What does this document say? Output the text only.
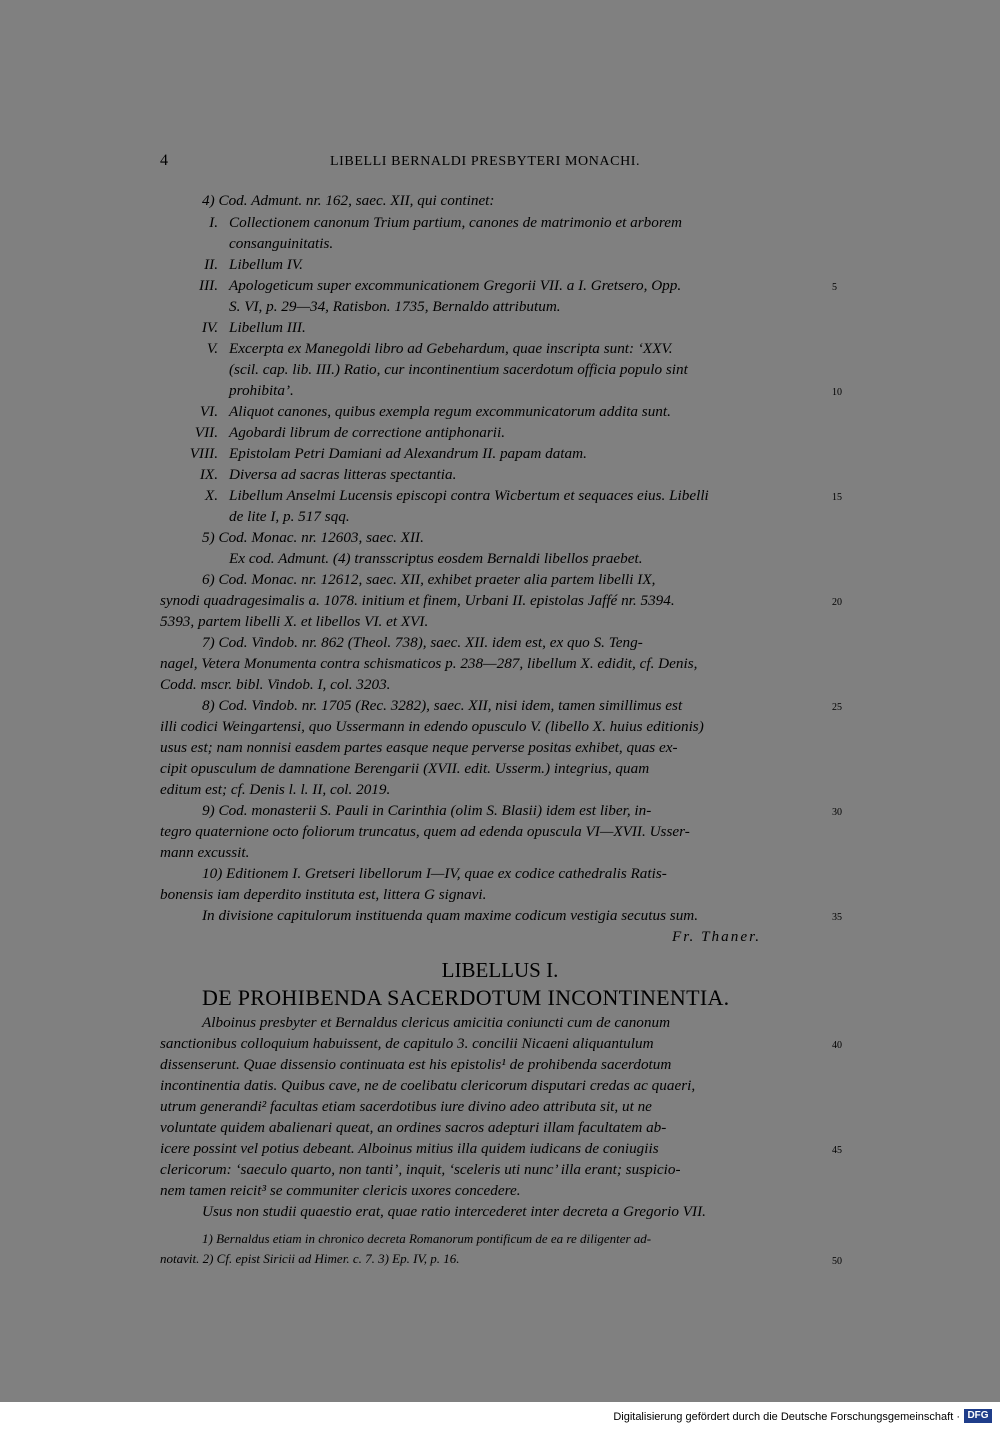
4	LIBELLI BERNALDI PRESBYTERI MONACHI.
4) Cod. Admunt. nr. 162, saec. XII, qui continet:
I. Collectionem canonum Trium partium, canones de matrimonio et arborem
consanguinitatis.
II. Libellum IV.
III. Apologeticum super excommunicationem Gregorii VII. a I. Gretsero, Opp.
S. VI, p. 29—34, Ratisbon. 1735, Bernaldo attributum.
IV. Libellum III.
V. Excerpta ex Manegoldi libro ad Gebehardum, quae inscripta sunt: ‘XXV.
(scil. cap. lib. III.) Ratio, cur incontinentium sacerdotum officia populo sint
prohibita’.
VI. Aliquot canones, quibus exempla regum excommunicatorum addita sunt.
VII. Agobardi librum de correctione antiphonarii.
VIII. Epistolam Petri Damiani ad Alexandrum II. papam datam.
IX. Diversa ad sacras litteras spectantia.
X. Libellum Anselmi Lucensis episcopi contra Wicbertum et sequaces eius. Libelli
de lite I, p. 517 sqq.
5) Cod. Monac. nr. 12603, saec. XII.
Ex cod. Admunt. (4) transscriptus eosdem Bernaldi libellos praebet.
6) Cod. Monac. nr. 12612, saec. XII, exhibet praeter alia partem libelli IX,
synodi quadragesimalis a. 1078. initium et finem, Urbani II. epistolas Jaffé nr. 5394.
5393, partem libelli X. et libellos VI. et XVI.
7) Cod. Vindob. nr. 862 (Theol. 738), saec. XII. idem est, ex quo S. Teng-
nagel, Vetera Monumenta contra schismaticos p. 238—287, libellum X. edidit, cf. Denis,
Codd. mscr. bibl. Vindob. I, col. 3203.
8) Cod. Vindob. nr. 1705 (Rec. 3282), saec. XII, nisi idem, tamen simillimus est
illi codici Weingartensi, quo Ussermann in edendo opusculo V. (libello X. huius editionis)
usus est; nam nonnisi easdem partes easque neque perverse positas exhibet, quas ex-
cipit opusculum de damnatione Berengarii (XVII. edit. Usserm.) integrius, quam
editum est; cf. Denis l. l. II, col. 2019.
9) Cod. monasterii S. Pauli in Carinthia (olim S. Blasii) idem est liber, in-
tegro quaternione octo foliorum truncatus, quem ad edenda opuscula VI—XVII. Usser-
mann excussit.
10) Editionem I. Gretseri libellorum I—IV, quae ex codice cathedralis Ratis-
bonensis iam deperdito instituta est, littera G signavi.
In divisione capitulorum instituenda quam maxime codicum vestigia secutus sum.
Fr. Thaner.
LIBELLUS I.
DE PROHIBENDA SACERDOTUM INCONTINENTIA.
Alboinus presbyter et Bernaldus clericus amicitia coniuncti cum de canonum
sanctionibus colloquium habuissent, de capitulo 3. concilii Nicaeni aliquantulum
dissenserunt. Quae dissensio continuata est his epistolis¹ de prohibenda sacerdotum
incontinentia datis. Quibus cave, ne de coelibatu clericorum disputari credas ac quaeri,
utrum generandi² facultas etiam sacerdotibus iure divino adeo attributa sit, ut ne
voluntate quidem abalienari queat, an ordines sacros adepturi illam facultatem ab-
icere possint vel potius debeant. Alboinus mitius illa quidem iudicans de coniugiis
clericorum: ‘saeculo quarto, non tanti’, inquit, ‘sceleris uti nunc’ illa erant; suspicio-
nem tamen reicit³ se communiter clericis uxores concedere.
Usus non studii quaestio erat, quae ratio intercederet inter decreta a Gregorio VII.
1) Bernaldus etiam in chronico decreta Romanorum pontificum de ea re diligenter ad-
notavit. 2) Cf. epist Siricii ad Himer. c. 7. 3) Ep. IV, p. 16.
5
10
15
20
25
30
35
40
45
50
Digitalisierung gefördert durch die Deutsche Forschungsgemeinschaft · DFG
